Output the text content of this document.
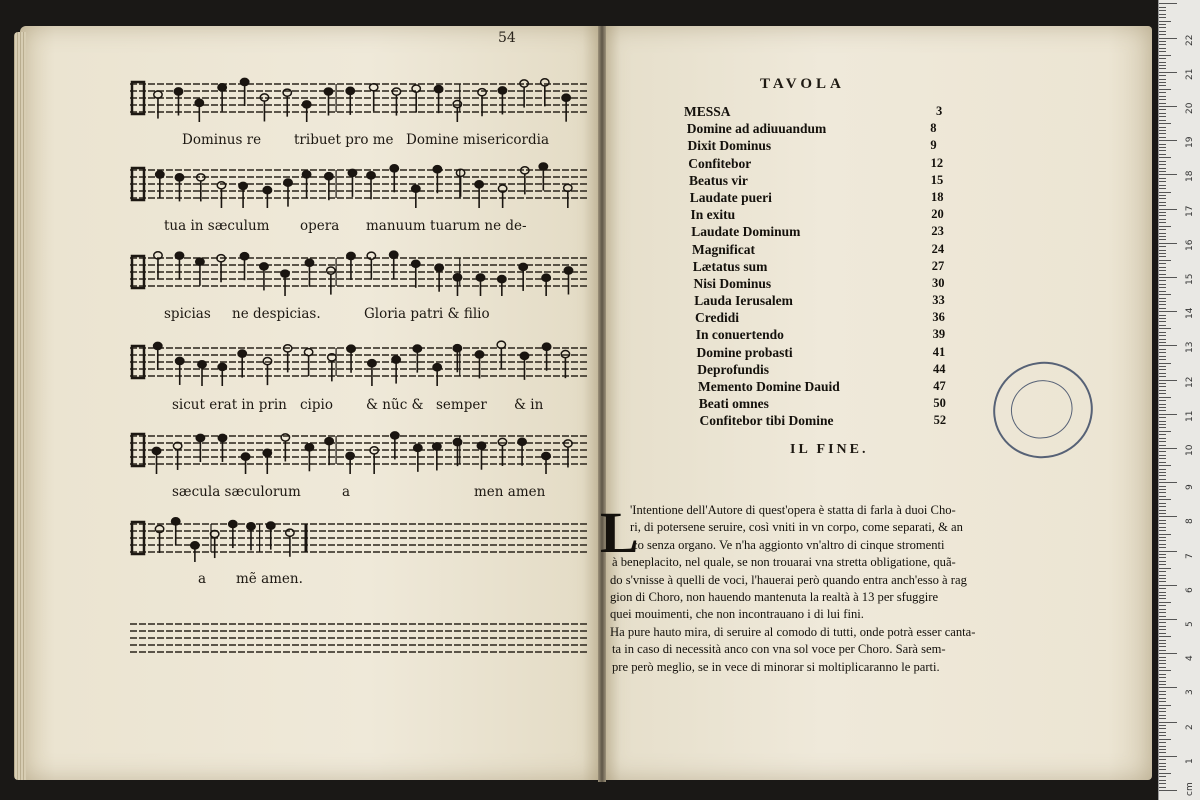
54
Dominus re tribuet pro me Domine misericordia
tua in sæculum opera manuum tuarum ne de-
spicias ne despicias.	Gloria patri & filio
sicut erat in prin cipio & nũc & semper & in
sæcula sæculorum	a	men amen
a mẽ amen.
TAVOLA
MESSA	3
Domine ad adiuuandum	8
Dixit Dominus	9
Confitebor	12
Beatus vir	15
Laudate pueri	18
In exitu	20
Laudate Dominum	23
Magnificat	24
Lætatus sum	27
Nisi Dominus	30
Lauda Ierusalem	33
Credidi	36
In conuertendo	39
Domine probasti	41
Deprofundis	44
Memento Domine Dauid	47
Beati omnes	50
Confitebor tibi Domine	52
IL FINE.
L
'Intentione dell'Autore di quest'opera è statta di farla à duoi Cho-
ri, di potersene seruire, così vniti in vn corpo, come separati, & an
co senza organo. Ve n'ha aggionto vn'altro di cinque stromenti
à beneplacito, nel quale, se non trouarai vna stretta obligatione, quã-
do s'vnisse à quelli de voci, l'hauerai però quando entra anch'esso à rag
gion di Choro, non hauendo mantenuta la realtà à 13 per sfuggire
quei mouimenti, che non incontrauano i di lui fini.
Ha pure hauto mira, di seruire al comodo di tutti, onde potrà esser canta-
ta in caso di necessità anco con vna sol voce per Choro. Sarà sem-
pre però meglio, se in vece di minorar si moltiplicaranno le parti.
22
21
20
19
18
17
16
15
14
13
12
11
10
9
8
7
6
5
4
3
2
1
cm
